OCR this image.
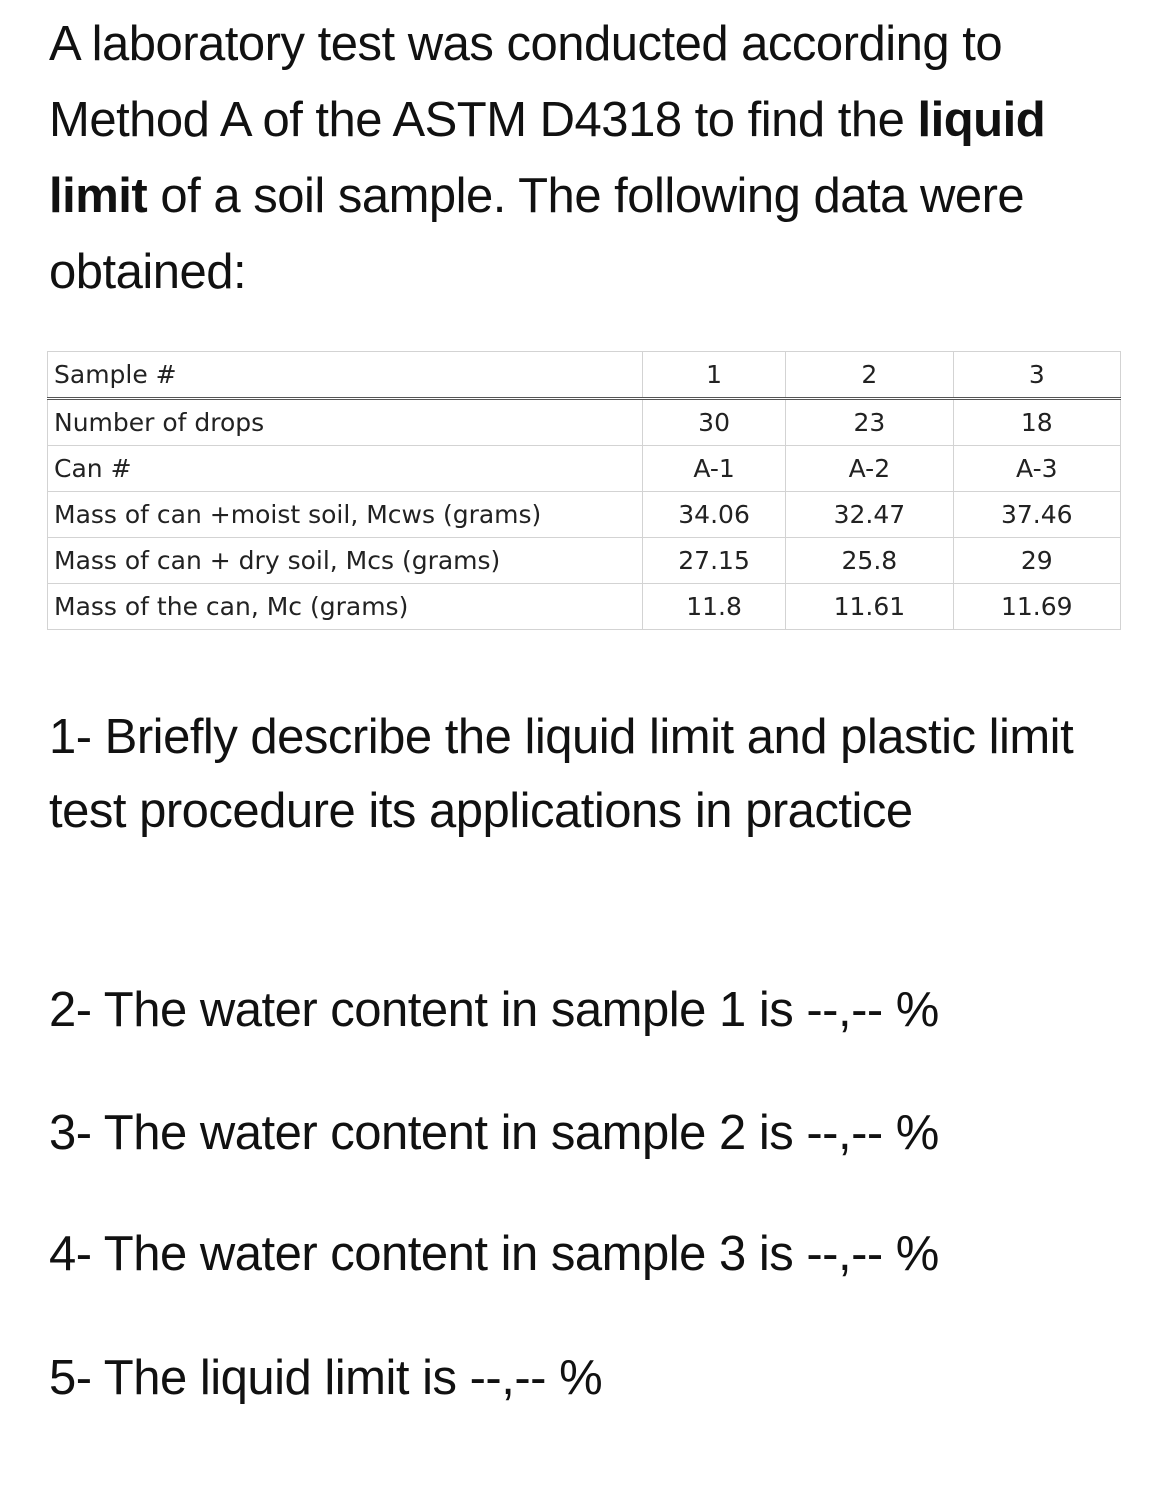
A laboratory test was conducted according to Method A of the ASTM D4318 to find the liquid limit of a soil sample. The following data were obtained:

Sample #	1	2	3
Number of drops	30	23	18
Can #	A-1	A-2	A-3
Mass of can +moist soil, Mcws (grams)	34.06	32.47	37.46
Mass of can + dry soil, Mcs (grams)	27.15	25.8	29
Mass of the can, Mc (grams)	11.8	11.61	11.69

1- Briefly describe the liquid limit and plastic limit test procedure its applications in practice

2- The water content in sample 1 is --,-- %

3- The water content in sample 2 is --,-- %

4- The water content in sample 3 is --,-- %

5- The liquid limit is --,-- %
